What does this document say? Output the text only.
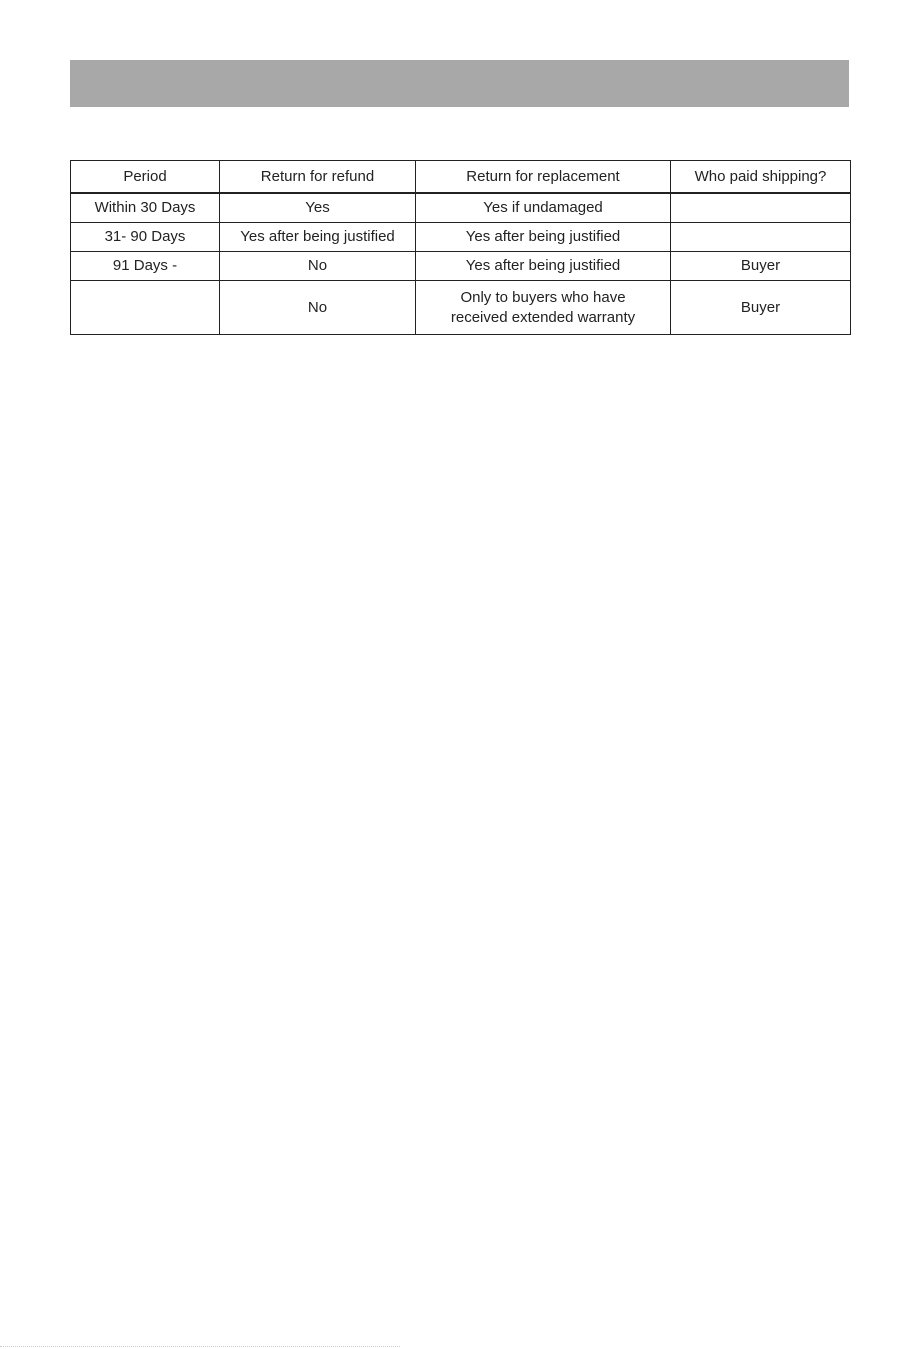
Period	Return for refund	Return for replacement	Who paid shipping?
Within 30 Days	Yes	Yes if undamaged	
31- 90 Days	Yes after being justified	Yes after being justified	
91 Days -	No	Yes after being justified	Buyer
	No	Only to buyers who have
received extended warranty	Buyer
